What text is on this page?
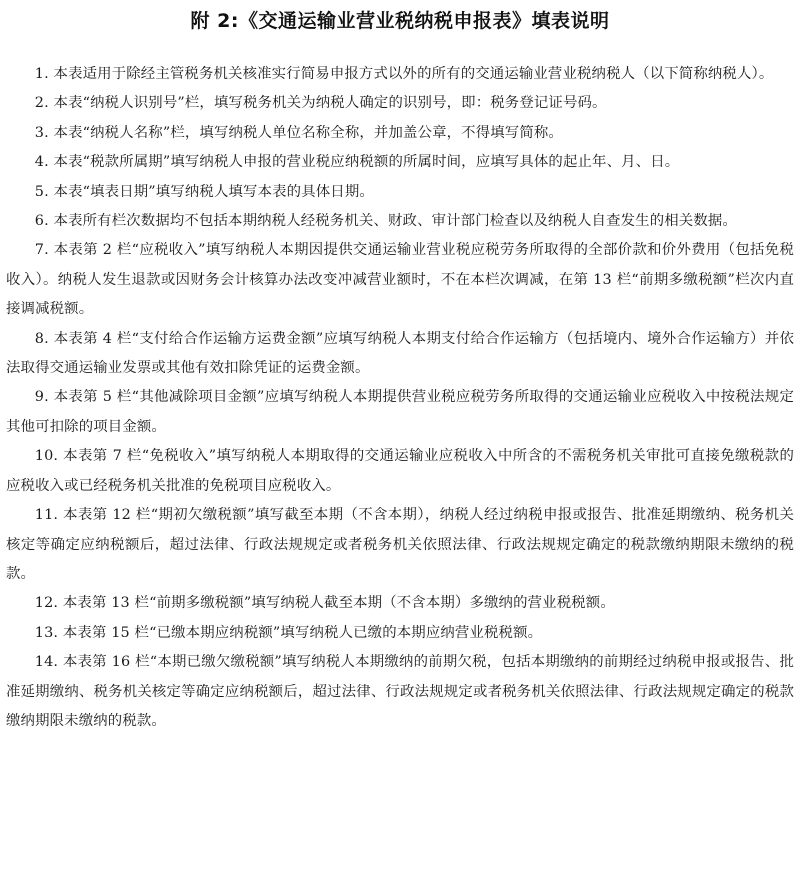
附 2:《交通运输业营业税纳税申报表》填表说明

1. 本表适用于除经主管税务机关核准实行简易申报方式以外的所有的交通运输业营业税纳税人（以下简称纳税人）。

2. 本表“纳税人识别号”栏，填写税务机关为纳税人确定的识别号，即：税务登记证号码。

3. 本表“纳税人名称”栏，填写纳税人单位名称全称，并加盖公章，不得填写简称。

4. 本表“税款所属期”填写纳税人申报的营业税应纳税额的所属时间，应填写具体的起止年、月、日。

5. 本表“填表日期”填写纳税人填写本表的具体日期。

6. 本表所有栏次数据均不包括本期纳税人经税务机关、财政、审计部门检查以及纳税人自查发生的相关数据。

7. 本表第 2 栏“应税收入”填写纳税人本期因提供交通运输业营业税应税劳务所取得的全部价款和价外费用（包括免税收入）。纳税人发生退款或因财务会计核算办法改变冲减营业额时，不在本栏次调减，在第 13 栏“前期多缴税额”栏次内直接调减税额。

8. 本表第 4 栏“支付给合作运输方运费金额”应填写纳税人本期支付给合作运输方（包括境内、境外合作运输方）并依法取得交通运输业发票或其他有效扣除凭证的运费金额。

9. 本表第 5 栏“其他减除项目金额”应填写纳税人本期提供营业税应税劳务所取得的交通运输业应税收入中按税法规定其他可扣除的项目金额。

10. 本表第 7 栏“免税收入”填写纳税人本期取得的交通运输业应税收入中所含的不需税务机关审批可直接免缴税款的应税收入或已经税务机关批准的免税项目应税收入。

11. 本表第 12 栏“期初欠缴税额”填写截至本期（不含本期），纳税人经过纳税申报或报告、批准延期缴纳、税务机关核定等确定应纳税额后，超过法律、行政法规规定或者税务机关依照法律、行政法规规定确定的税款缴纳期限未缴纳的税款。

12. 本表第 13 栏“前期多缴税额”填写纳税人截至本期（不含本期）多缴纳的营业税税额。

13. 本表第 15 栏“已缴本期应纳税额”填写纳税人已缴的本期应纳营业税税额。

14. 本表第 16 栏“本期已缴欠缴税额”填写纳税人本期缴纳的前期欠税，包括本期缴纳的前期经过纳税申报或报告、批准延期缴纳、税务机关核定等确定应纳税额后，超过法律、行政法规规定或者税务机关依照法律、行政法规规定确定的税款缴纳期限未缴纳的税款。
